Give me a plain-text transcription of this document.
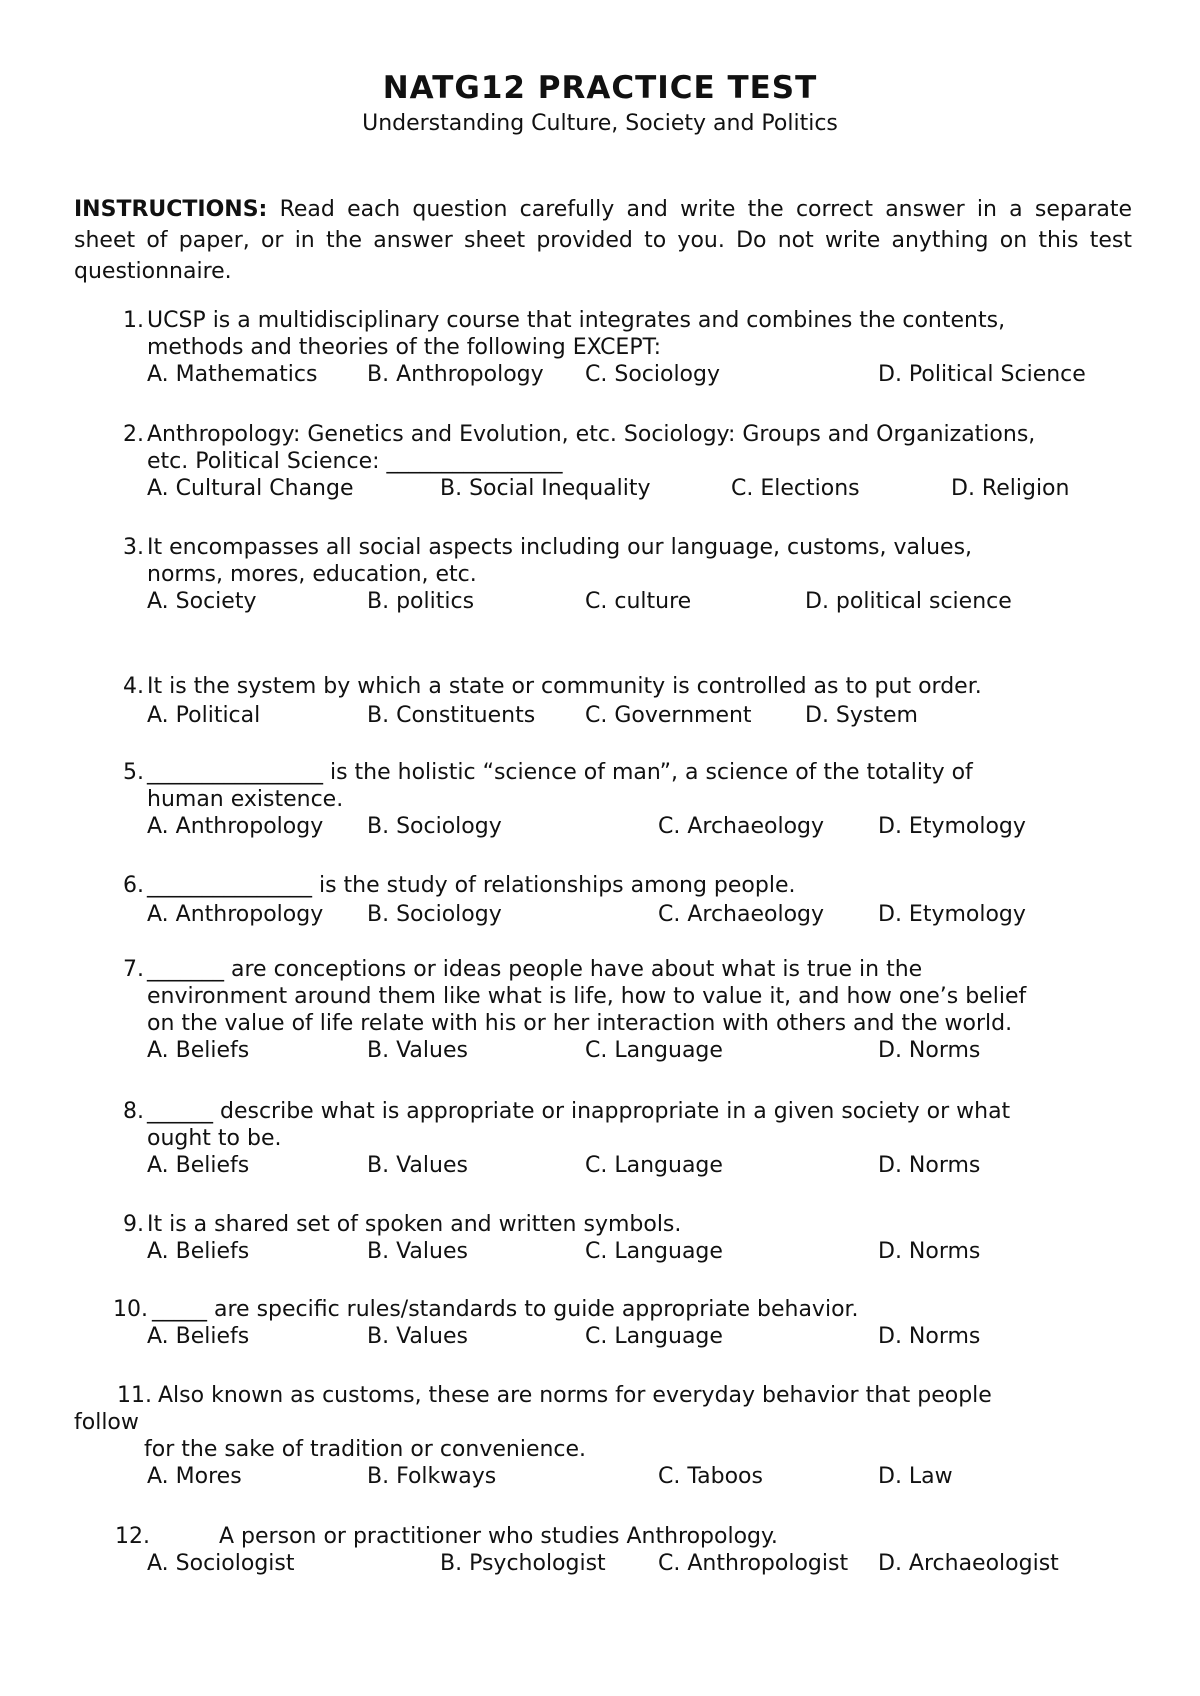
NATG12 PRACTICE TEST
Understanding Culture, Society and Politics
INSTRUCTIONS: Read each question carefully and write the correct answer in a separate sheet of paper, or in the answer sheet provided to you. Do not write anything on this test questionnaire.
1. UCSP is a multidisciplinary course that integrates and combines the contents,
methods and theories of the following EXCEPT:
A. Mathematics B. Anthropology C. Sociology	D. Political Science
2. Anthropology: Genetics and Evolution, etc. Sociology: Groups and Organizations,
etc. Political Science: ________________
A. Cultural Change	B. Social Inequality	C. Elections	D. Religion
3. It encompasses all social aspects including our language, customs, values,
norms, mores, education, etc.
A. Society	B. politics	C. culture	D. political science
4. It is the system by which a state or community is controlled as to put order.
A. Political	B. Constituents C. Government D. System
5. ________________ is the holistic “science of man”, a science of the totality of
human existence.
A. Anthropology B. Sociology	C. Archaeology D. Etymology
6. _______________ is the study of relationships among people.
A. Anthropology B. Sociology	C. Archaeology D. Etymology
7. _______ are conceptions or ideas people have about what is true in the
environment around them like what is life, how to value it, and how one’s belief
on the value of life relate with his or her interaction with others and the world.
A. Beliefs	B. Values	C. Language	D. Norms
8. ______ describe what is appropriate or inappropriate in a given society or what
ought to be.
A. Beliefs	B. Values	C. Language	D. Norms
9. It is a shared set of spoken and written symbols.
A. Beliefs	B. Values	C. Language	D. Norms
10. _____ are specific rules/standards to guide appropriate behavior.
A. Beliefs	B. Values	C. Language	D. Norms
11. Also known as customs, these are norms for everyday behavior that people
follow
for the sake of tradition or convenience.
A. Mores	B. Folkways	C. Taboos	D. Law
12.	A person or practitioner who studies Anthropology.
A. Sociologist	B. Psychologist C. Anthropologist D. Archaeologist
